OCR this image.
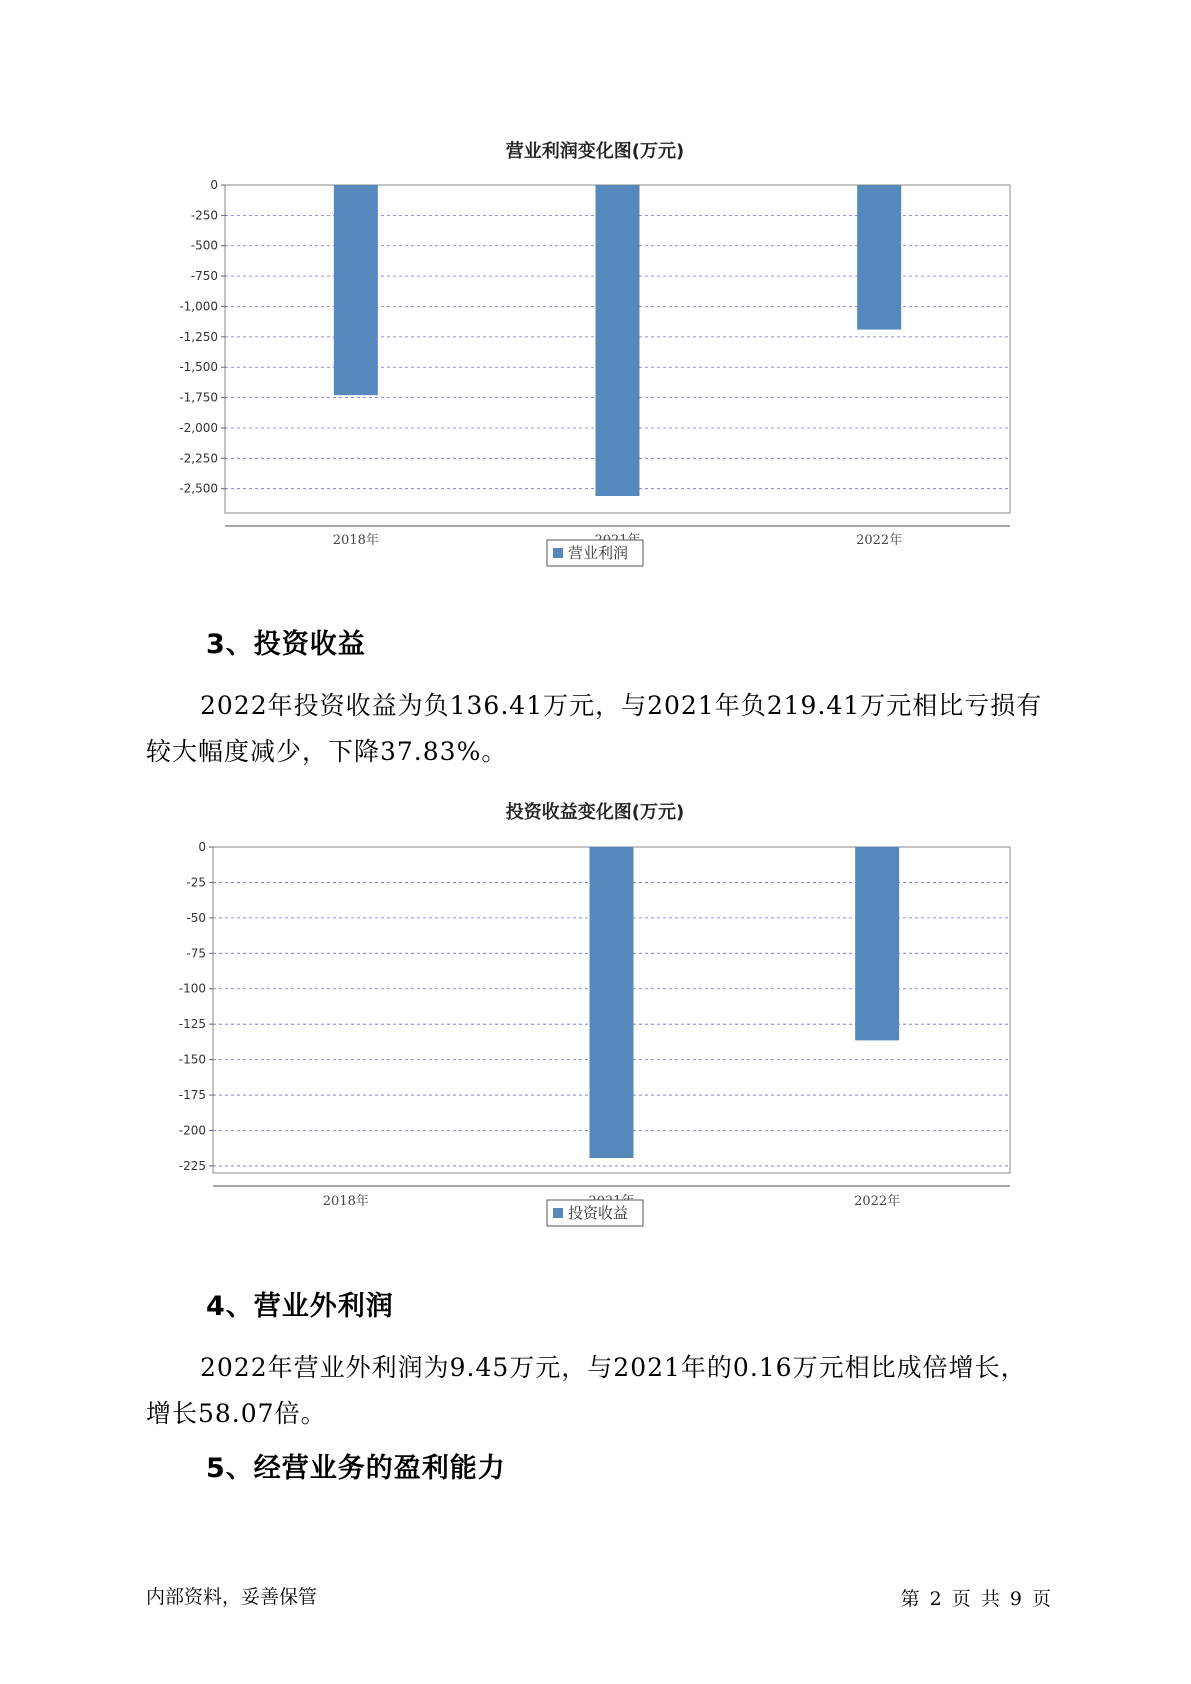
营业利润变化图(万元)
0
-250
-500
-750
-1,000
-1,250
-1,500
-1,750
-2,000
-2,250
-2,500
2018年	2022年
营业利润
3、投资收益

2022年投资收益为负136.41万元，与2021年负219.41万元相比亏损有较大幅度减少，下降37.83%。

投资收益变化图(万元)
0
-25
-50
-75
-100
-125
-150
-175
-200
-225
2018年	2022年
投资收益
4、营业外利润

2022年营业外利润为9.45万元，与2021年的0.16万元相比成倍增长，增长58.07倍。

5、经营业务的盈利能力
内部资料，妥善保管	第 2 页 共 9 页
